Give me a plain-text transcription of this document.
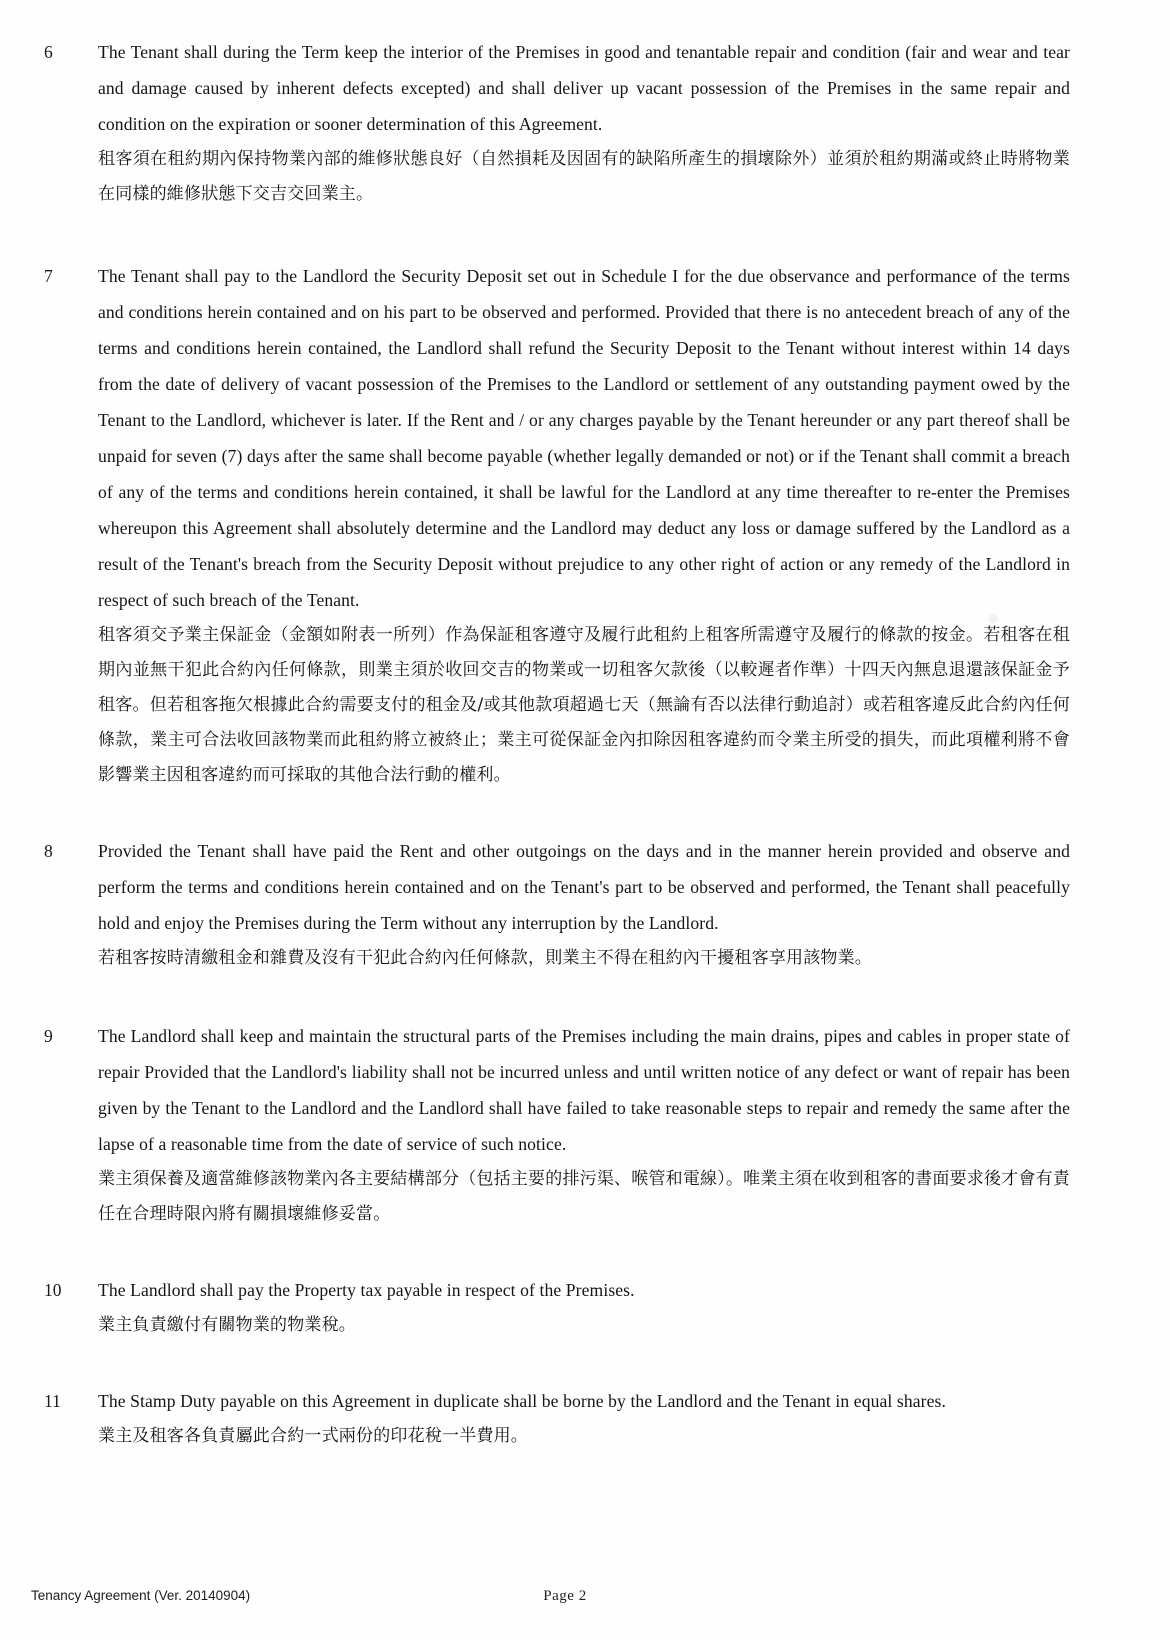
6	The Tenant shall during the Term keep the interior of the Premises in good and tenantable repair and condition (fair and wear and tear and damage caused by inherent defects excepted) and shall deliver up vacant possession of the Premises in the same repair and condition on the expiration or sooner determination of this Agreement.
租客須在租約期內保持物業內部的維修狀態良好（自然損耗及因固有的缺陷所產生的損壞除外）並須於租約期滿或終止時將物業在同樣的維修狀態下交吉交回業主。
7	The Tenant shall pay to the Landlord the Security Deposit set out in Schedule I for the due observance and performance of the terms and conditions herein contained and on his part to be observed and performed. Provided that there is no antecedent breach of any of the terms and conditions herein contained, the Landlord shall refund the Security Deposit to the Tenant without interest within 14 days from the date of delivery of vacant possession of the Premises to the Landlord or settlement of any outstanding payment owed by the Tenant to the Landlord, whichever is later. If the Rent and / or any charges payable by the Tenant hereunder or any part thereof shall be unpaid for seven (7) days after the same shall become payable (whether legally demanded or not) or if the Tenant shall commit a breach of any of the terms and conditions herein contained, it shall be lawful for the Landlord at any time thereafter to re-enter the Premises whereupon this Agreement shall absolutely determine and the Landlord may deduct any loss or damage suffered by the Landlord as a result of the Tenant's breach from the Security Deposit without prejudice to any other right of action or any remedy of the Landlord in respect of such breach of the Tenant.
租客須交予業主保証金（金額如附表一所列）作為保証租客遵守及履行此租約上租客所需遵守及履行的條款的按金。若租客在租期內並無干犯此合約內任何條款，則業主須於收回交吉的物業或一切租客欠款後（以較遲者作準）十四天內無息退還該保証金予租客。但若租客拖欠根據此合約需要支付的租金及/或其他款項超過七天（無論有否以法律行動追討）或若租客違反此合約內任何條款，業主可合法收回該物業而此租約將立被終止；業主可從保証金內扣除因租客違約而令業主所受的損失，而此項權利將不會影響業主因租客違約而可採取的其他合法行動的權利。
8	Provided the Tenant shall have paid the Rent and other outgoings on the days and in the manner herein provided and observe and perform the terms and conditions herein contained and on the Tenant's part to be observed and performed, the Tenant shall peacefully hold and enjoy the Premises during the Term without any interruption by the Landlord.
若租客按時清繳租金和雜費及沒有干犯此合約內任何條款，則業主不得在租約內干擾租客享用該物業。
9	The Landlord shall keep and maintain the structural parts of the Premises including the main drains, pipes and cables in proper state of repair Provided that the Landlord's liability shall not be incurred unless and until written notice of any defect or want of repair has been given by the Tenant to the Landlord and the Landlord shall have failed to take reasonable steps to repair and remedy the same after the lapse of a reasonable time from the date of service of such notice.
業主須保養及適當維修該物業內各主要結構部分（包括主要的排污渠、喉管和電線）。唯業主須在收到租客的書面要求後才會有責任在合理時限內將有關損壞維修妥當。
10	The Landlord shall pay the Property tax payable in respect of the Premises.
業主負責繳付有關物業的物業稅。
11	The Stamp Duty payable on this Agreement in duplicate shall be borne by the Landlord and the Tenant in equal shares.
業主及租客各負責屬此合約一式兩份的印花稅一半費用。
Tenancy Agreement (Ver. 20140904)	Page 2
